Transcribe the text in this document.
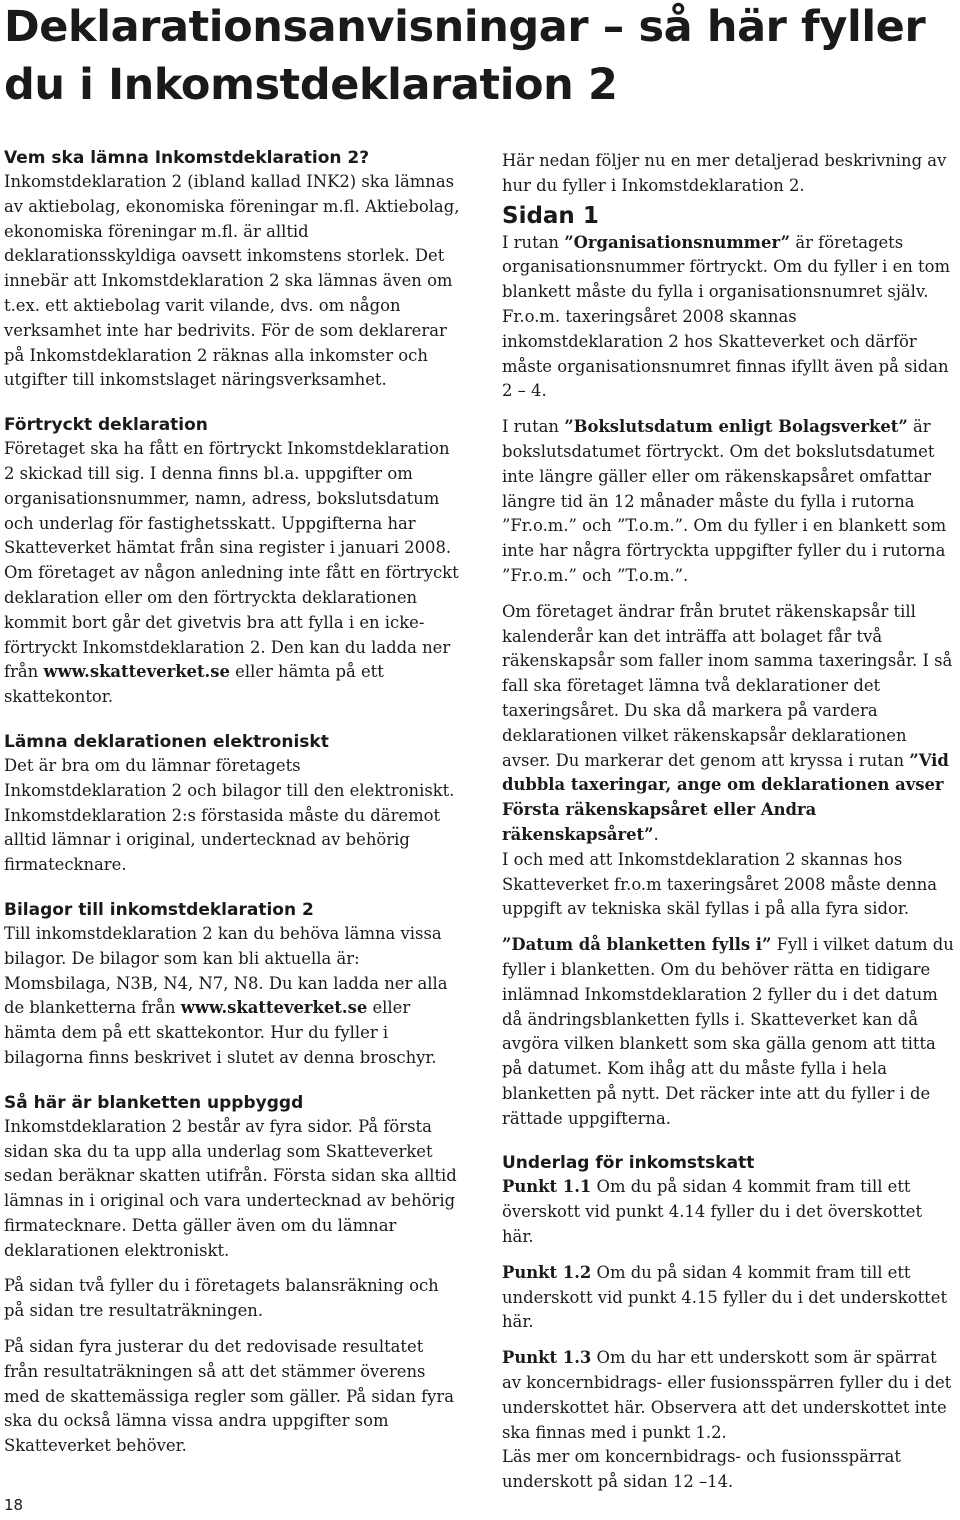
Deklarationsanvisningar – så här fyller du i Inkomstdeklaration 2
Vem ska lämna Inkomstdeklaration 2?

Inkomstdeklaration 2 (ibland kallad INK2) ska lämnas av aktiebolag, ekonomiska föreningar m.fl. Aktiebolag, ekonomiska föreningar m.fl. är alltid deklarationsskyldiga oavsett inkomstens storlek. Det innebär att Inkomstdeklaration 2 ska lämnas även om t.ex. ett aktiebolag varit vilande, dvs. om någon verksamhet inte har bedrivits. För de som deklarerar på Inkomstdeklaration 2 räknas alla inkomster och utgifter till inkomstslaget näringsverksamhet.

Förtryckt deklaration

Företaget ska ha fått en förtryckt Inkomstdeklaration 2 skickad till sig. I denna finns bl.a. uppgifter om organisationsnummer, namn, adress, bokslutsdatum och underlag för fastighetsskatt. Uppgifterna har Skatteverket hämtat från sina register i januari 2008. Om företaget av någon anledning inte fått en förtryckt deklaration eller om den förtryckta deklarationen kommit bort går det givetvis bra att fylla i en icke-förtryckt Inkomstdeklaration 2. Den kan du ladda ner från www.skatteverket.se eller hämta på ett skattekontor.

Lämna deklarationen elektroniskt

Det är bra om du lämnar företagets Inkomstdeklaration 2 och bilagor till den elektroniskt. Inkomstdeklaration 2:s förstasida måste du däremot alltid lämnar i original, undertecknad av behörig firmatecknare.

Bilagor till inkomstdeklaration 2

Till inkomstdeklaration 2 kan du behöva lämna vissa bilagor. De bilagor som kan bli aktuella är: Momsbilaga, N3B, N4, N7, N8. Du kan ladda ner alla de blanketterna från www.skatteverket.se eller hämta dem på ett skattekontor. Hur du fyller i bilagorna finns beskrivet i slutet av denna broschyr.

Så här är blanketten uppbyggd

Inkomstdeklaration 2 består av fyra sidor. På första sidan ska du ta upp alla underlag som Skatteverket sedan beräknar skatten utifrån. Första sidan ska alltid lämnas in i original och vara undertecknad av behörig firmatecknare. Detta gäller även om du lämnar deklarationen elektroniskt.

På sidan två fyller du i företagets balansräkning och på sidan tre resultaträkningen.

På sidan fyra justerar du det redovisade resultatet från resultaträkningen så att det stämmer överens med de skattemässiga regler som gäller. På sidan fyra ska du också lämna vissa andra uppgifter som Skatteverket behöver.

Här nedan följer nu en mer detaljerad beskrivning av hur du fyller i Inkomstdeklaration 2.

Sidan 1

I rutan ”Organisationsnummer” är företagets organisationsnummer förtryckt. Om du fyller i en tom blankett måste du fylla i organisationsnumret själv. Fr.o.m. taxeringsåret 2008 skannas inkomstdeklaration 2 hos Skatteverket och därför måste organisationsnumret finnas ifyllt även på sidan 2 – 4.

I rutan ”Bokslutsdatum enligt Bolagsverket” är bokslutsdatumet förtryckt. Om det bokslutsdatumet inte längre gäller eller om räkenskapsåret omfattar längre tid än 12 månader måste du fylla i rutorna ”Fr.o.m.” och ”T.o.m.”. Om du fyller i en blankett som inte har några förtryckta uppgifter fyller du i rutorna ”Fr.o.m.” och ”T.o.m.”.

Om företaget ändrar från brutet räkenskapsår till kalenderår kan det inträffa att bolaget får två räkenskapsår som faller inom samma taxeringsår. I så fall ska företaget lämna två deklarationer det taxeringsåret. Du ska då markera på vardera deklarationen vilket räkenskapsår deklarationen avser. Du markerar det genom att kryssa i rutan ”Vid dubbla taxeringar, ange om deklarationen avser Första räkenskapsåret eller Andra räkenskapsåret”.

I och med att Inkomstdeklaration 2 skannas hos Skatteverket fr.o.m taxeringsåret 2008 måste denna uppgift av tekniska skäl fyllas i på alla fyra sidor.

”Datum då blanketten fylls i” Fyll i vilket datum du fyller i blanketten. Om du behöver rätta en tidigare inlämnad Inkomstdeklaration 2 fyller du i det datum då ändringsblanketten fylls i. Skatteverket kan då avgöra vilken blankett som ska gälla genom att titta på datumet. Kom ihåg att du måste fylla i hela blanketten på nytt. Det räcker inte att du fyller i de rättade uppgifterna.

Underlag för inkomstskatt

Punkt 1.1 Om du på sidan 4 kommit fram till ett överskott vid punkt 4.14 fyller du i det överskottet här.

Punkt 1.2 Om du på sidan 4 kommit fram till ett underskott vid punkt 4.15 fyller du i det underskottet här.

Punkt 1.3 Om du har ett underskott som är spärrat av koncernbidrags- eller fusionsspärren fyller du i det underskottet här. Observera att det underskottet inte ska finnas med i punkt 1.2.

Läs mer om koncernbidrags- och fusionsspärrat underskott på sidan 12 –14.

18
